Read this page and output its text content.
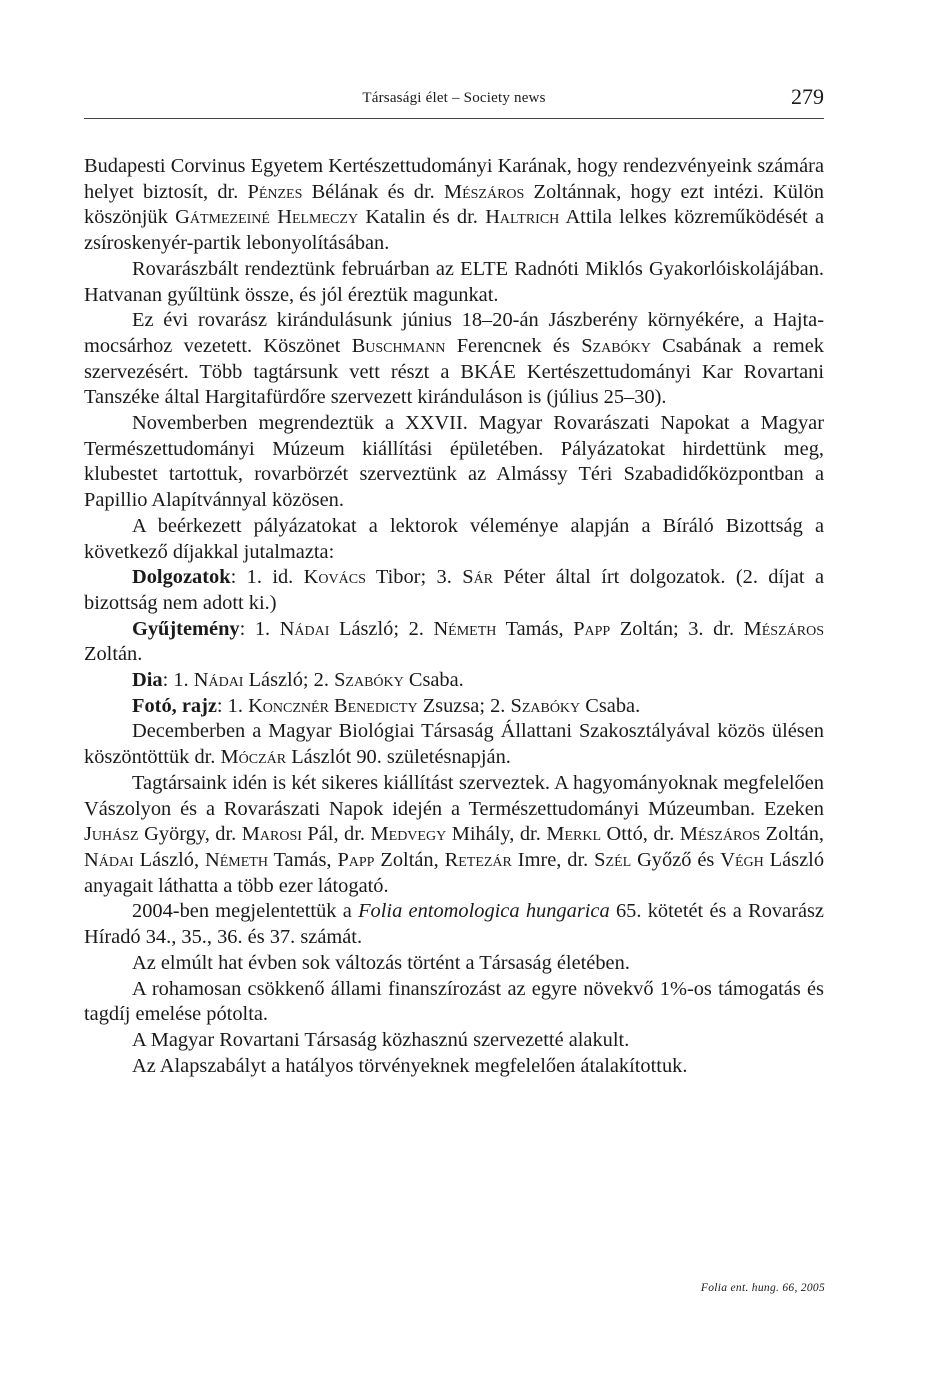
Társasági élet – Society news	279

Budapesti Corvinus Egyetem Kertészettudományi Karának, hogy rendezvényeink számára helyet biztosít, dr. Pénzes Bélának és dr. Mészáros Zoltánnak, hogy ezt intézi. Külön köszönjük Gátmezeiné Helmeczy Katalin és dr. Haltrich Attila lelkes közreműködését a zsíroskenyér-partik lebonyolításában.

Rovarászbált rendeztünk februárban az ELTE Radnóti Miklós Gyakorlóiskolájában. Hatvanan gyűltünk össze, és jól éreztük magunkat.

Ez évi rovarász kirándulásunk június 18–20-án Jászberény környékére, a Hajta-mocsárhoz vezetett. Köszönet Buschmann Ferencnek és Szabóky Csabának a remek szervezésért. Több tagtársunk vett részt a BKÁE Kertészettudományi Kar Rovartani Tanszéke által Hargitafürdőre szervezett kiránduláson is (július 25–30).

Novemberben megrendeztük a XXVII. Magyar Rovarászati Napokat a Magyar Természettudományi Múzeum kiállítási épületében. Pályázatokat hirdettünk meg, klubestet tartottuk, rovarbörzét szerveztünk az Almássy Téri Szabadidőközpontban a Papillio Alapítvánnyal közösen.

A beérkezett pályázatokat a lektorok véleménye alapján a Bíráló Bizottság a következő díjakkal jutalmazta:

Dolgozatok: 1. id. Kovács Tibor; 3. Sár Péter által írt dolgozatok. (2. díjat a bizottság nem adott ki.)

Gyűjtemény: 1. Nádai László; 2. Németh Tamás, Papp Zoltán; 3. dr. Mészáros Zoltán.

Dia: 1. Nádai László; 2. Szabóky Csaba.

Fotó, rajz: 1. Koncznér Benedicty Zsuzsa; 2. Szabóky Csaba.

Decemberben a Magyar Biológiai Társaság Állattani Szakosztályával közös ülésen köszöntöttük dr. Móczár Lászlót 90. születésnapján.

Tagtársaink idén is két sikeres kiállítást szerveztek. A hagyományoknak megfelelően Vászolyon és a Rovarászati Napok idején a Természettudományi Múzeumban. Ezeken Juhász György, dr. Marosi Pál, dr. Medvegy Mihály, dr. Merkl Ottó, dr. Mészáros Zoltán, Nádai László, Németh Tamás, Papp Zoltán, Retezár Imre, dr. Szél Győző és Végh László anyagait láthatta a több ezer látogató.

2004-ben megjelentettük a Folia entomologica hungarica 65. kötetét és a Rovarász Híradó 34., 35., 36. és 37. számát.

Az elmúlt hat évben sok változás történt a Társaság életében.

A rohamosan csökkenő állami finanszírozást az egyre növekvő 1%-os támogatás és tagdíj emelése pótolta.

A Magyar Rovartani Társaság közhasznú szervezetté alakult.

Az Alapszabályt a hatályos törvényeknek megfelelően átalakítottuk.

Folia ent. hung. 66, 2005
